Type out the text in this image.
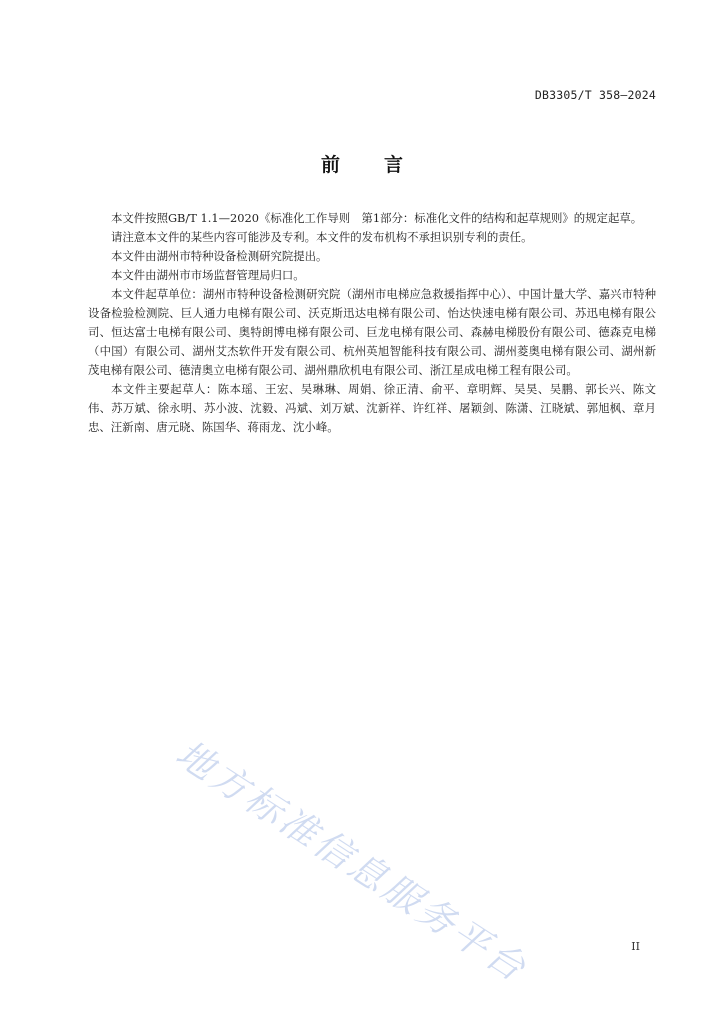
DB3305/T 358—2024
前 言

本文件按照GB/T 1.1—2020《标准化工作导则　第1部分：标准化文件的结构和起草规则》的规定起草。

请注意本文件的某些内容可能涉及专利。本文件的发布机构不承担识别专利的责任。

本文件由湖州市特种设备检测研究院提出。

本文件由湖州市市场监督管理局归口。

本文件起草单位：湖州市特种设备检测研究院（湖州市电梯应急救援指挥中心）、中国计量大学、嘉兴市特种设备检验检测院、巨人通力电梯有限公司、沃克斯迅达电梯有限公司、怡达快速电梯有限公司、苏迅电梯有限公司、恒达富士电梯有限公司、奥特朗博电梯有限公司、巨龙电梯有限公司、森赫电梯股份有限公司、德森克电梯（中国）有限公司、湖州艾杰软件开发有限公司、杭州英旭智能科技有限公司、湖州菱奥电梯有限公司、湖州新茂电梯有限公司、德清奥立电梯有限公司、湖州鼎欣机电有限公司、浙江星成电梯工程有限公司。

本文件主要起草人：陈本瑶、王宏、吴琳琳、周娟、徐正清、俞平、章明辉、吴昊、吴鹏、郭长兴、陈文伟、苏万斌、徐永明、苏小波、沈毅、冯斌、刘万斌、沈新祥、许红祥、屠颖剑、陈潇、江晓斌、郭旭枫、章月忠、汪新南、唐元晓、陈国华、蒋雨龙、沈小峰。

地方标准信息服务平台	II
